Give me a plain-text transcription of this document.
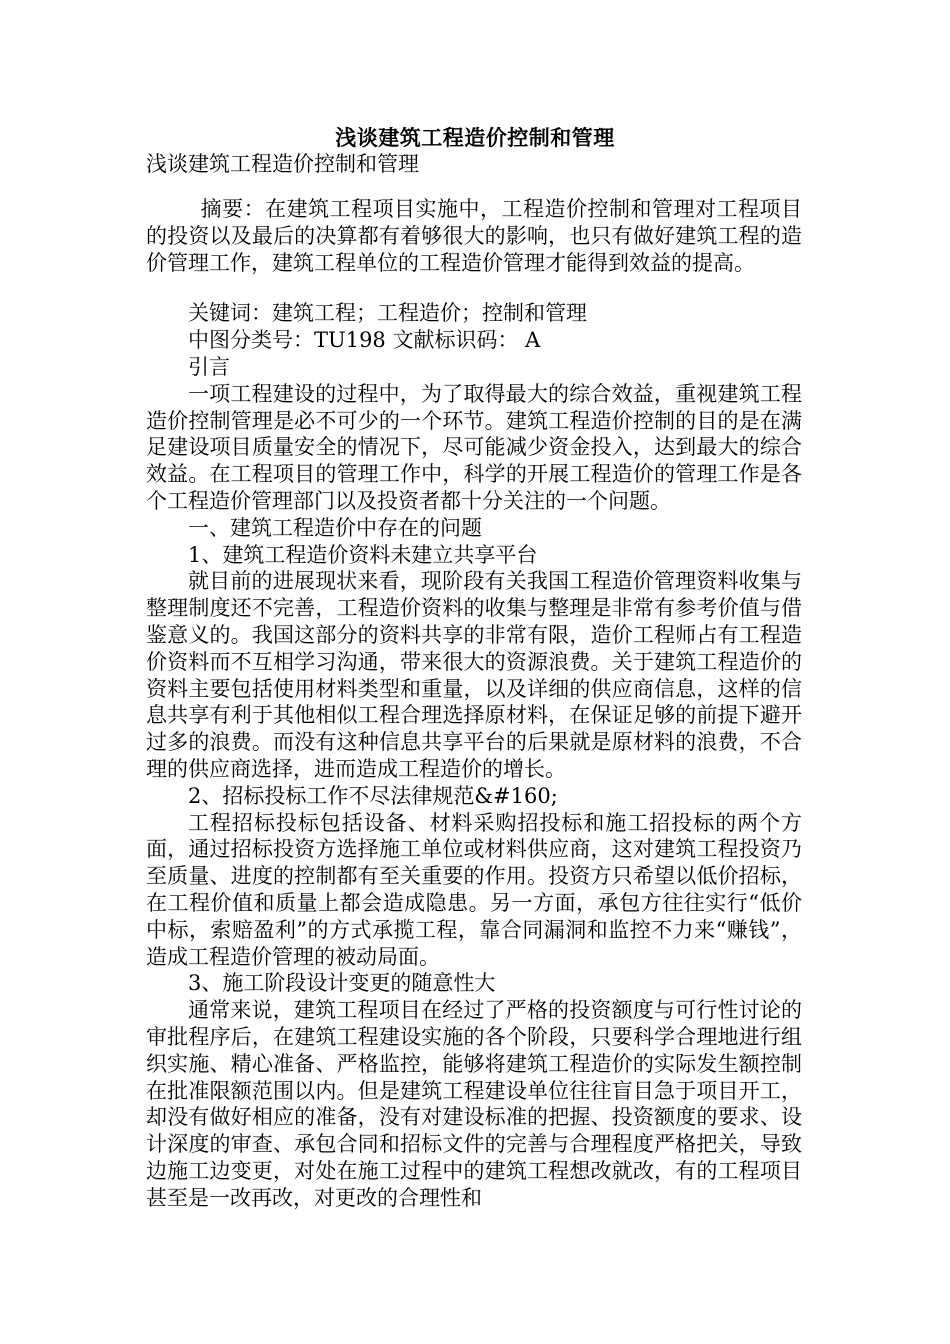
浅谈建筑工程造价控制和管理
浅谈建筑工程造价控制和管理

摘要：在建筑工程项目实施中，工程造价控制和管理对工程项目的投资以及最后的决算都有着够很大的影响，也只有做好建筑工程的造价管理工作，建筑工程单位的工程造价管理才能得到效益的提高。

关键词：建筑工程；工程造价；控制和管理

中图分类号：TU198 文献标识码： A

引言

一项工程建设的过程中，为了取得最大的综合效益，重视建筑工程造价控制管理是必不可少的一个环节。建筑工程造价控制的目的是在满足建设项目质量安全的情况下，尽可能减少资金投入，达到最大的综合效益。在工程项目的管理工作中，科学的开展工程造价的管理工作是各个工程造价管理部门以及投资者都十分关注的一个问题。

一、建筑工程造价中存在的问题

1、建筑工程造价资料未建立共享平台

就目前的进展现状来看，现阶段有关我国工程造价管理资料收集与整理制度还不完善，工程造价资料的收集与整理是非常有参考价值与借鉴意义的。我国这部分的资料共享的非常有限，造价工程师占有工程造价资料而不互相学习沟通，带来很大的资源浪费。关于建筑工程造价的资料主要包括使用材料类型和重量，以及详细的供应商信息，这样的信息共享有利于其他相似工程合理选择原材料，在保证足够的前提下避开过多的浪费。而没有这种信息共享平台的后果就是原材料的浪费，不合理的供应商选择，进而造成工程造价的增长。

2、招标投标工作不尽法律规范&#160;

工程招标投标包括设备、材料采购招投标和施工招投标的两个方面，通过招标投资方选择施工单位或材料供应商，这对建筑工程投资乃至质量、进度的控制都有至关重要的作用。投资方只希望以低价招标，在工程价值和质量上都会造成隐患。另一方面，承包方往往实行“低价中标，索赔盈利”的方式承揽工程，靠合同漏洞和监控不力来“赚钱”，造成工程造价管理的被动局面。

3、施工阶段设计变更的随意性大

通常来说，建筑工程项目在经过了严格的投资额度与可行性讨论的审批程序后，在建筑工程建设实施的各个阶段，只要科学合理地进行组织实施、精心准备、严格监控，能够将建筑工程造价的实际发生额控制在批准限额范围以内。但是建筑工程建设单位往往盲目急于项目开工，却没有做好相应的准备，没有对建设标准的把握、投资额度的要求、设计深度的审查、承包合同和招标文件的完善与合理程度严格把关，导致边施工边变更，对处在施工过程中的建筑工程想改就改，有的工程项目甚至是一改再改，对更改的合理性和
